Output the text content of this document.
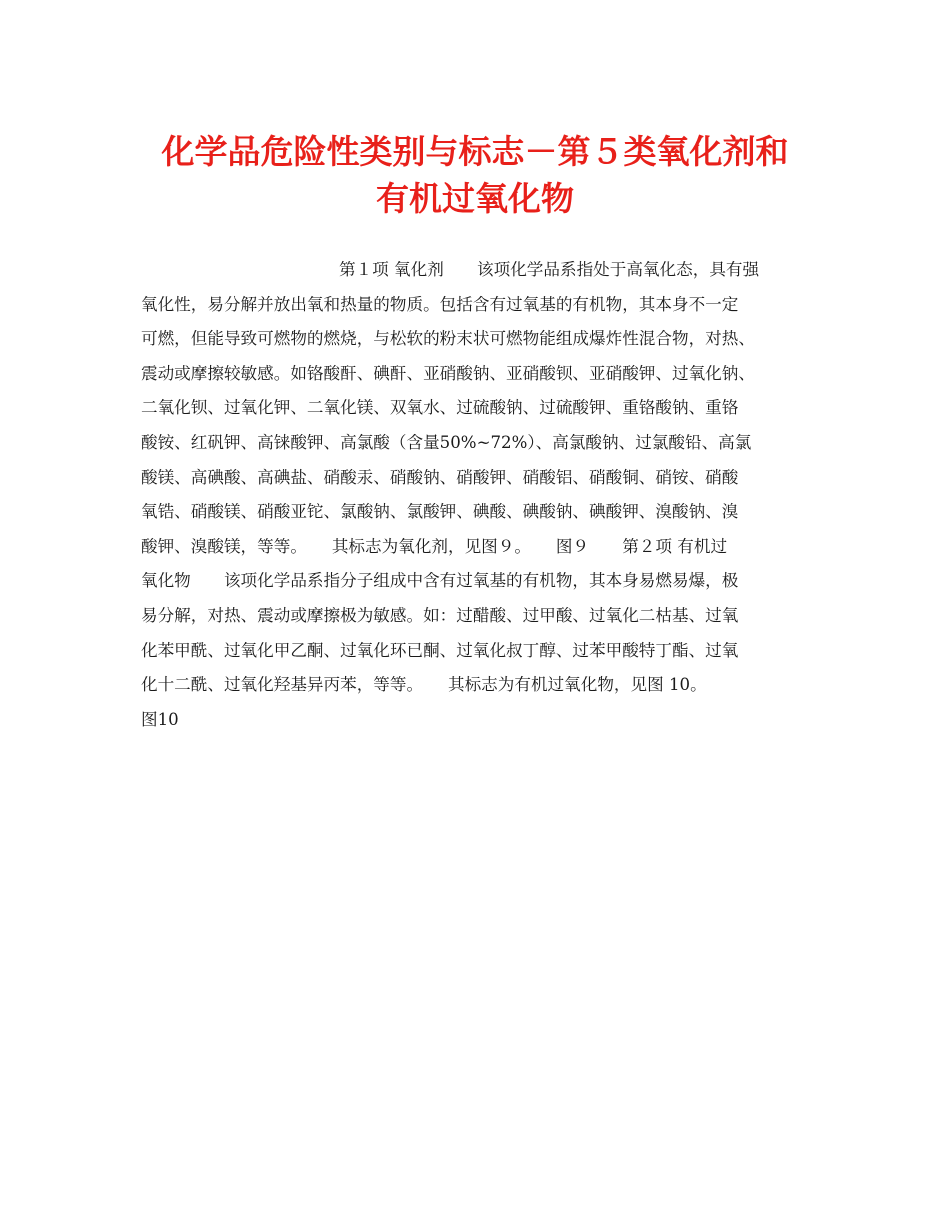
化学品危险性类别与标志－第５类氧化剂和
有机过氧化物
第１项 氧化剂　　该项化学品系指处于高氧化态，具有强
氧化性，易分解并放出氧和热量的物质。包括含有过氧基的有机物，其本身不一定
可燃，但能导致可燃物的燃烧，与松软的粉末状可燃物能组成爆炸性混合物，对热、
震动或摩擦较敏感。如铬酸酐、碘酐、亚硝酸钠、亚硝酸钡、亚硝酸钾、过氧化钠、
二氧化钡、过氧化钾、二氧化镁、双氧水、过硫酸钠、过硫酸钾、重铬酸钠、重铬
酸铵、红矾钾、高铼酸钾、高氯酸（含量50%~72%）、高氯酸钠、过氯酸铅、高氯
酸镁、高碘酸、高碘盐、硝酸汞、硝酸钠、硝酸钾、硝酸铝、硝酸铜、硝铵、硝酸
氧锆、硝酸镁、硝酸亚铊、氯酸钠、氯酸钾、碘酸、碘酸钠、碘酸钾、溴酸钠、溴
酸钾、溴酸镁，等等。　　其标志为氧化剂，见图９。　　图９　　第２项 有机过
氧化物　　该项化学品系指分子组成中含有过氧基的有机物，其本身易燃易爆，极
易分解，对热、震动或摩擦极为敏感。如：过醋酸、过甲酸、过氧化二枯基、过氧
化苯甲酰、过氧化甲乙酮、过氧化环已酮、过氧化叔丁醇、过苯甲酸特丁酯、过氧
化十二酰、过氧化羟基异丙苯，等等。　　其标志为有机过氧化物，见图 10。
图10
